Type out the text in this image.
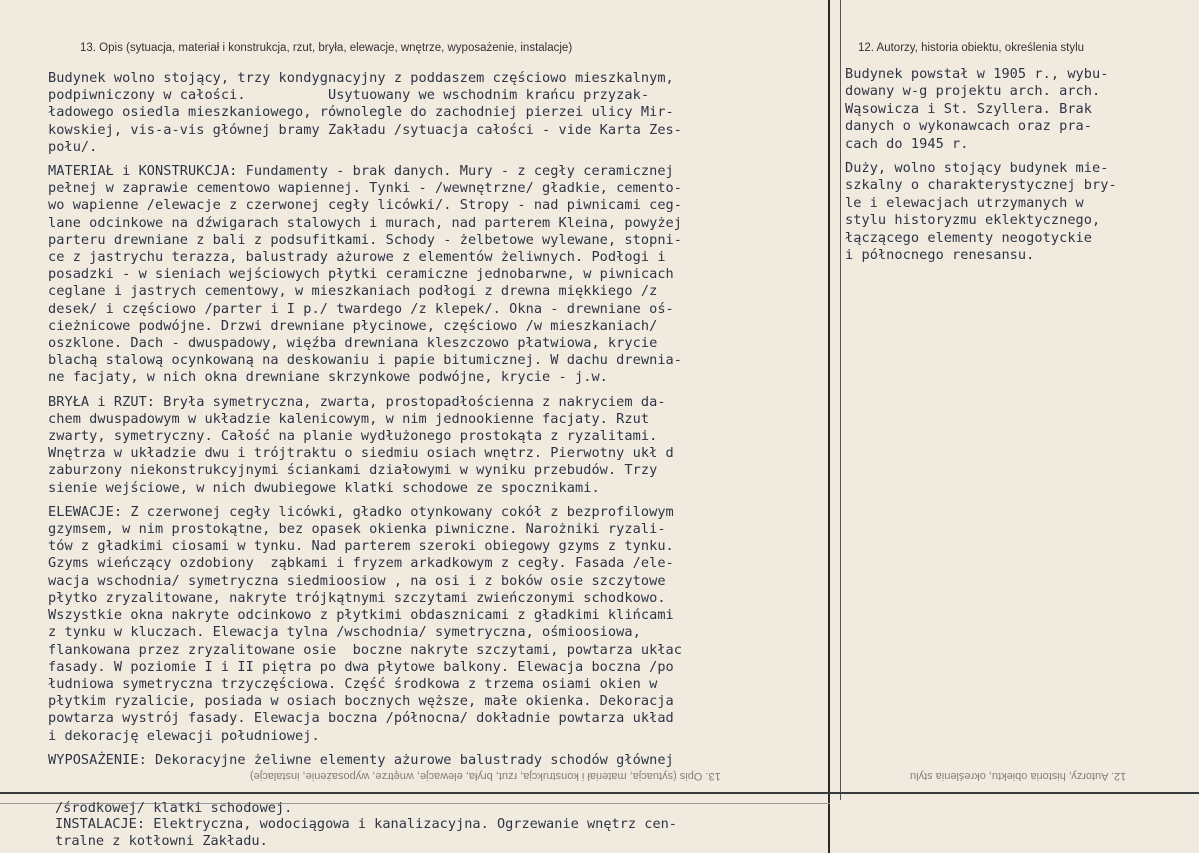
13. Opis (sytuacja, materiał i konstrukcja, rzut, bryła, elewacje, wnętrze, wyposażenie, instalacje)	12. Autorzy, historia obiektu, określenia stylu
Budynek wolno stojący, trzy kondygnacyjny z poddaszem częściowo mieszkalnym,
podpiwniczony w całości.          Usytuowany we wschodnim krańcu przyzak-
ładowego osiedla mieszkaniowego, równolegle do zachodniej pierzei ulicy Mir-
kowskiej, vis-a-vis głównej bramy Zakładu /sytuacja całości - vide Karta Zes-
połu/.
MATERIAŁ i KONSTRUKCJA: Fundamenty - brak danych. Mury - z cegły ceramicznej
pełnej w zaprawie cementowo wapiennej. Tynki - /wewnętrzne/ gładkie, cemento-
wo wapienne /elewacje z czerwonej cegły licówki/. Stropy - nad piwnicami ceg-
lane odcinkowe na dźwigarach stalowych i murach, nad parterem Kleina, powyżej
parteru drewniane z bali z podsufitkami. Schody - żelbetowe wylewane, stopni-
ce z jastrychu terazza, balustrady ażurowe z elementów żeliwnych. Podłogi i
posadzki - w sieniach wejściowych płytki ceramiczne jednobarwne, w piwnicach
ceglane i jastrych cementowy, w mieszkaniach podłogi z drewna miękkiego /z
desek/ i częściowo /parter i I p./ twardego /z klepek/. Okna - drewniane oś-
cieżnicowe podwójne. Drzwi drewniane płycinowe, częściowo /w mieszkaniach/
oszklone. Dach - dwuspadowy, więźba drewniana kleszczowo płatwiowa, krycie
blachą stalową ocynkowaną na deskowaniu i papie bitumicznej. W dachu drewnia-
ne facjaty, w nich okna drewniane skrzynkowe podwójne, kryciе - j.w.
BRYŁA i RZUT: Bryła symetryczna, zwarta, prostopadłościenna z nakryciem da-
chem dwuspadowym w układzie kalenicowym, w nim jednookienne facjaty. Rzut
zwarty, symetryczny. Całość na planie wydłużonego prostokąta z ryzalitami.
Wnętrza w układzie dwu i trójtraktu o siedmiu osiach wnętrz. Pierwotny ukł d
zaburzony niekonstrukcyjnymi ściankami działowymi w wyniku przebudów. Trzy
sienie wejściowe, w nich dwubiegowe klatki schodowe ze spocznikami.
ELEWACJE: Z czerwonej cegły licówki, gładko otynkowany cokół z bezprofilowym
gzymsem, w nim prostokątne, bez opasek okienka piwniczne. Narożniki ryzali-
tów z gładkimi ciosami w tynku. Nad parterem szeroki obiegowy gzyms z tynku.
Gzyms wieńczący ozdobiony  ząbkami i fryzem arkadkowym z cegły. Fasada /ele-
wacja wschodnia/ symetryczna siedmioosiow , na osi i z boków osie szczytowe
płytko zryzalitowane, nakryte trójkątnymi szczytami zwieńczonymi schodkowo.
Wszystkie okna nakryte odcinkowo z płytkimi obdasznicami z gładkimi klińcami
z tynku w kluczach. Elewacja tylna /wschodnia/ symetryczna, ośmioosiowa,
flankowana przez zryzalitowane osie  boczne nakryte szczytami, powtarza ukłac
fasady. W poziomie I i II piętra po dwa płytowe balkony. Elewacja boczna /po
łudniowa symetryczna trzyczęściowa. Część środkowa z trzema osiami okien w
płytkim ryzalicie, posiada w osiach bocznych węższe, małe okienka. Dekoracja
powtarza wystrój fasady. Elewacja boczna /północna/ dokładnie powtarza układ
i dekorację elewacji południowej.
WYPOSAŻENIE: Dekoracyjne żeliwne elementy ażurowe balustrady schodów głównej
Budynek powstał w 1905 r., wybu-
dowany w-g projektu arch. arch.
Wąsowicza i St. Szyllera. Brak
danych o wykonawcach oraz pra-
cach do 1945 r.
Duży, wolno stojący budynek mie-
szkalny o charakterystycznej bry-
le i elewacjach utrzymanych w
stylu historyzmu eklektycznego,
łączącego elementy neogotyckie
i północnego renesansu.
13. Opis (sytuacja, materiał i konstrukcja, rzut, bryła, elewacje, wnętrze, wyposażenie, instalacje)	12. Autorzy, historia obiektu, określenia stylu
/środkowej/ klatki schodowej.
INSTALACJE: Elektryczna, wodociągowa i kanalizacyjna. Ogrzewanie wnętrz cen-
tralne z kotłowni Zakładu.
